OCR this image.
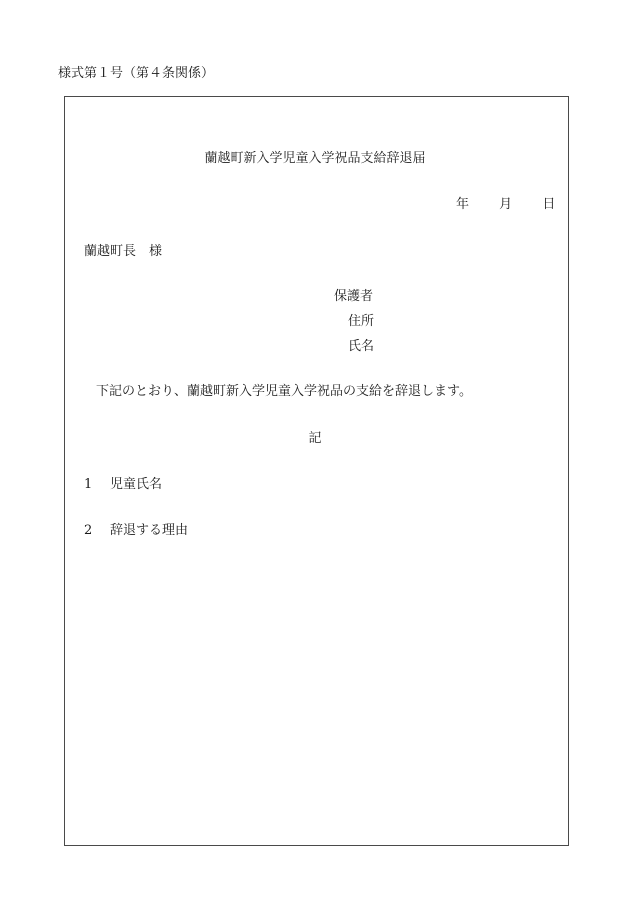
様式第１号（第４条関係）
蘭越町新入学児童入学祝品支給辞退届
年 月 日
蘭越町長　様
保護者
住所
氏名
下記のとおり、蘭越町新入学児童入学祝品の支給を辞退します。
記
1 児童氏名
2 辞退する理由
